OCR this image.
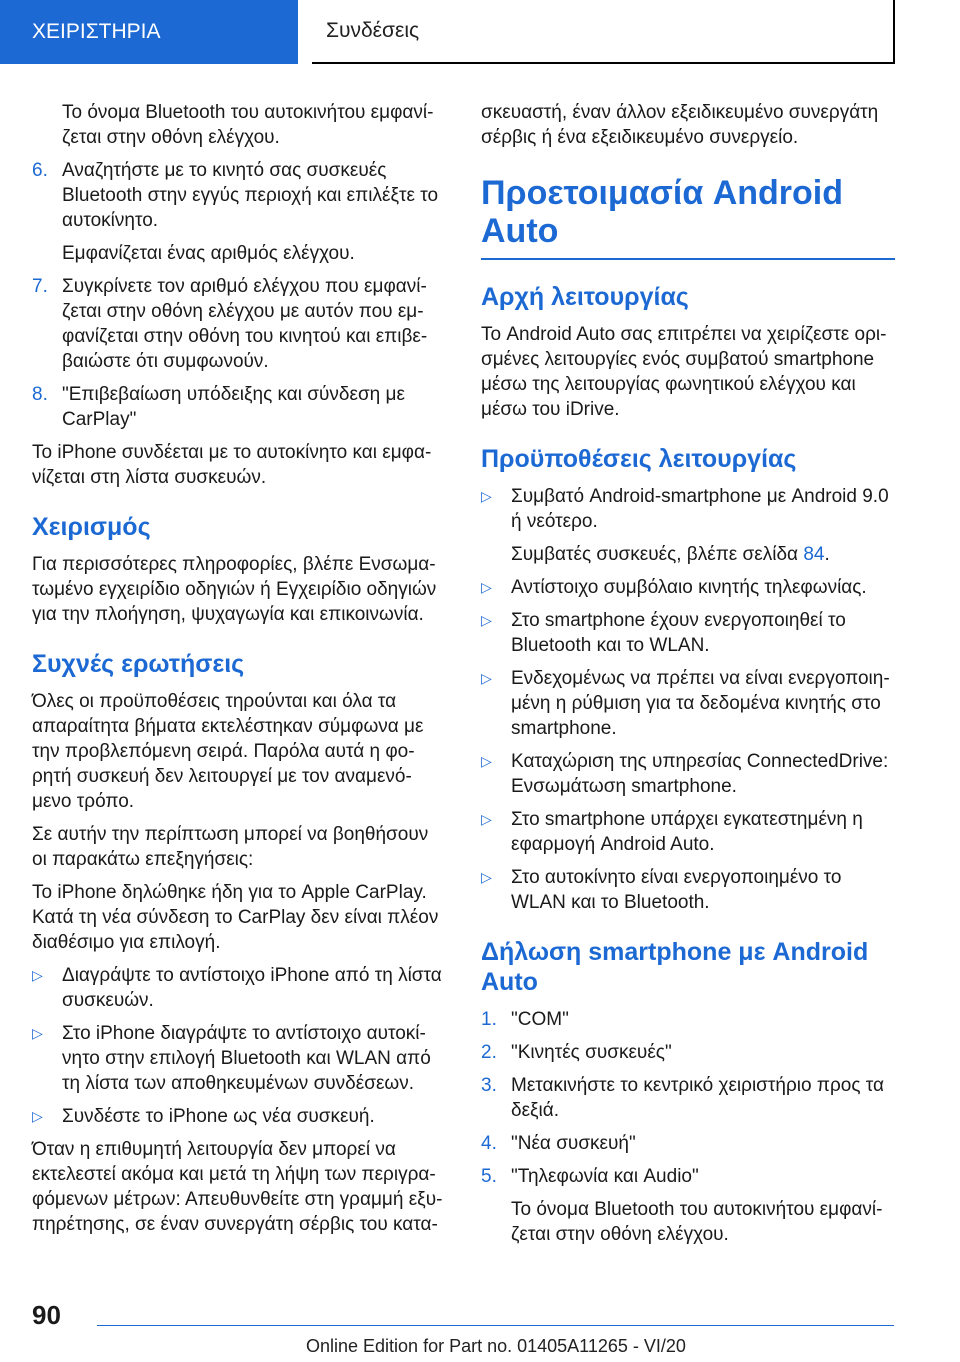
ΧΕΙΡΙΣΤΗΡΙΑ	Συνδέσεις
Το όνομα Bluetooth του αυτοκινήτου εμφανί- ζεται στην οθόνη ελέγχου.
6. Αναζητήστε με το κινητό σας συσκευές Bluetooth στην εγγύς περιοχή και επιλέξτε το αυτοκίνητο.
Εμφανίζεται ένας αριθμός ελέγχου.
7. Συγκρίνετε τον αριθμό ελέγχου που εμφανί- ζεται στην οθόνη ελέγχου με αυτόν που εμ- φανίζεται στην οθόνη του κινητού και επιβε- βαιώστε ότι συμφωνούν.
8. "Επιβεβαίωση υπόδειξης και σύνδεση με CarPlay"
Το iPhone συνδέεται με το αυτοκίνητο και εμφα- νίζεται στη λίστα συσκευών.
Χειρισμός
Για περισσότερες πληροφορίες, βλέπε Ενσωμα- τωμένο εγχειρίδιο οδηγιών ή Εγχειρίδιο οδηγιών για την πλοήγηση, ψυχαγωγία και επικοινωνία.
Συχνές ερωτήσεις
Όλες οι προϋποθέσεις τηρούνται και όλα τα απαραίτητα βήματα εκτελέστηκαν σύμφωνα με την προβλεπόμενη σειρά. Παρόλα αυτά η φο- ρητή συσκευή δεν λειτουργεί με τον αναμενό- μενο τρόπο.
Σε αυτήν την περίπτωση μπορεί να βοηθήσουν οι παρακάτω επεξηγήσεις:
Το iPhone δηλώθηκε ήδη για το Apple CarPlay. Κατά τη νέα σύνδεση το CarPlay δεν είναι πλέον διαθέσιμο για επιλογή.
▷	Διαγράψτε το αντίστοιχο iPhone από τη λίστα συσκευών.
▷	Στο iPhone διαγράψτε το αντίστοιχο αυτοκί- νητο στην επιλογή Bluetooth και WLAN από τη λίστα των αποθηκευμένων συνδέσεων.
▷	Συνδέστε το iPhone ως νέα συσκευή.
Όταν η επιθυμητή λειτουργία δεν μπορεί να εκτελεστεί ακόμα και μετά τη λήψη των περιγρα- φόμενων μέτρων: Απευθυνθείτε στη γραμμή εξυ- πηρέτησης, σε έναν συνεργάτη σέρβις του κατα-
σκευαστή, έναν άλλον εξειδικευμένο συνεργάτη σέρβις ή ένα εξειδικευμένο συνεργείο.
Προετοιμασία Android Auto
Αρχή λειτουργίας
Το Android Auto σας επιτρέπει να χειρίζεστε ορι- σμένες λειτουργίες ενός συμβατού smartphone μέσω της λειτουργίας φωνητικού ελέγχου και μέσω του iDrive.
Προϋποθέσεις λειτουργίας
▷	Συμβατό Android-smartphone με Android 9.0 ή νεότερο.
Συμβατές συσκευές, βλέπε σελίδα 84.
▷	Αντίστοιχο συμβόλαιο κινητής τηλεφωνίας.
▷	Στο smartphone έχουν ενεργοποιηθεί το Bluetooth και το WLAN.
▷	Ενδεχομένως να πρέπει να είναι ενεργοποιη- μένη η ρύθμιση για τα δεδομένα κινητής στο smartphone.
▷	Καταχώριση της υπηρεσίας ConnectedDrive: Ενσωμάτωση smartphone.
▷	Στο smartphone υπάρχει εγκατεστημένη η εφαρμογή Android Auto.
▷	Στο αυτοκίνητο είναι ενεργοποιημένο το WLAN και το Bluetooth.
Δήλωση smartphone με Android Auto
1. "COM"
2. "Κινητές συσκευές"
3. Μετακινήστε το κεντρικό χειριστήριο προς τα δεξιά.
4. "Νέα συσκευή"
5. "Τηλεφωνία και Audio"
Το όνομα Bluetooth του αυτοκινήτου εμφανί- ζεται στην οθόνη ελέγχου.
90
Online Edition for Part no. 01405A11265 - VI/20
